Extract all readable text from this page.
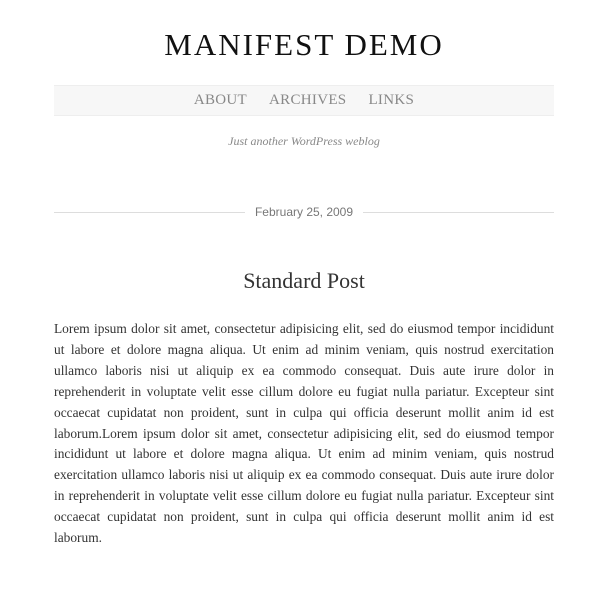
MANIFEST DEMO
ABOUT ARCHIVES LINKS
Just another WordPress weblog
February 25, 2009
Standard Post

Lorem ipsum dolor sit amet, consectetur adipisicing elit, sed do eiusmod tempor incididunt ut labore et dolore magna aliqua. Ut enim ad minim veniam, quis nostrud exercitation ullamco laboris nisi ut aliquip ex ea commodo consequat. Duis aute irure dolor in reprehenderit in voluptate velit esse cillum dolore eu fugiat nulla pariatur. Excepteur sint occaecat cupidatat non proident, sunt in culpa qui officia deserunt mollit anim id est laborum.Lorem ipsum dolor sit amet, consectetur adipisicing elit, sed do eiusmod tempor incididunt ut labore et dolore magna aliqua. Ut enim ad minim veniam, quis nostrud exercitation ullamco laboris nisi ut aliquip ex ea commodo consequat. Duis aute irure dolor in reprehenderit in voluptate velit esse cillum dolore eu fugiat nulla pariatur. Excepteur sint occaecat cupidatat non proident, sunt in culpa qui officia deserunt mollit anim id est laborum.
